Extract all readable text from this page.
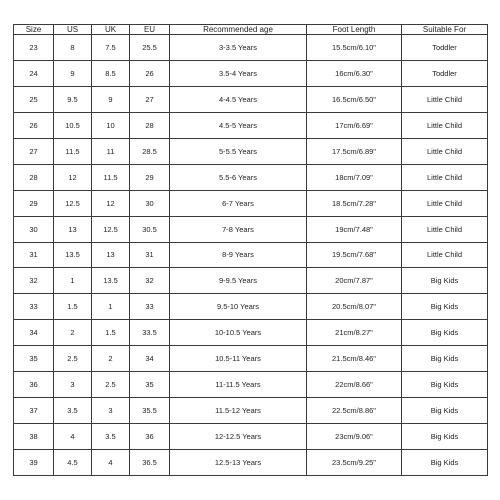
Size	US	UK	EU	Recommended age	Foot Length	Suitable For
23	8	7.5	25.5	3-3.5 Years	15.5cm/6.10"	Toddler
24	9	8.5	26	3.5-4 Years	16cm/6.30"	Toddler
25	9.5	9	27	4-4.5 Years	16.5cm/6.50"	Little Child
26	10.5	10	28	4.5-5 Years	17cm/6.69"	Little Child
27	11.5	11	28.5	5-5.5 Years	17.5cm/6.89"	Little Child
28	12	11.5	29	5.5-6 Years	18cm/7.09"	Little Child
29	12.5	12	30	6-7 Years	18.5cm/7.28"	Little Child
30	13	12.5	30.5	7-8 Years	19cm/7.48"	Little Child
31	13.5	13	31	8-9 Years	19.5cm/7.68"	Little Child
32	1	13.5	32	9-9.5 Years	20cm/7.87"	Big Kids
33	1.5	1	33	9.5-10 Years	20.5cm/8.07"	Big Kids
34	2	1.5	33.5	10-10.5 Years	21cm/8.27"	Big Kids
35	2.5	2	34	10.5-11 Years	21.5cm/8.46"	Big Kids
36	3	2.5	35	11-11.5 Years	22cm/8.66"	Big Kids
37	3.5	3	35.5	11.5-12 Years	22.5cm/8.86"	Big Kids
38	4	3.5	36	12-12.5 Years	23cm/9.06"	Big Kids
39	4.5	4	36.5	12.5-13 Years	23.5cm/9.25"	Big Kids
